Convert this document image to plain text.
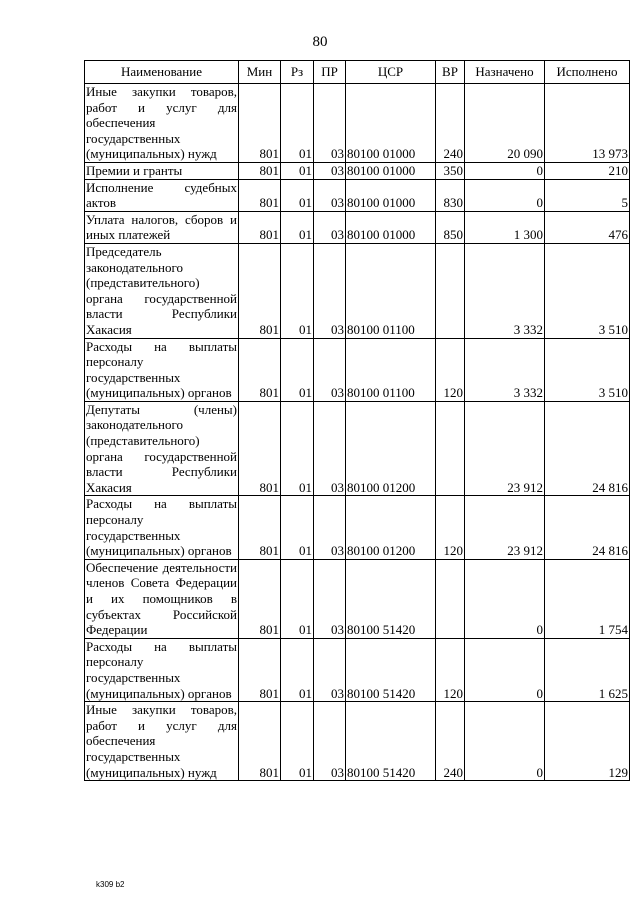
80
Наименование	Мин	Рз	ПР	ЦСР	ВР	Назначено	Исполнено
Иные закупки товаров, работ и услуг для обеспечения государственных (муниципальных) нужд	801	01	03	80100 01000	240	20 090	13 973
Премии и гранты	801	01	03	80100 01000	350	0	210
Исполнение судебных актов	801	01	03	80100 01000	830	0	5
Уплата налогов, сборов и иных платежей	801	01	03	80100 01000	850	1 300	476
Председатель законодательного (представительного) органа государственной власти Республики Хакасия	801	01	03	80100 01100		3 332	3 510
Расходы на выплаты персоналу государственных (муниципальных) органов	801	01	03	80100 01100	120	3 332	3 510
Депутаты (члены) законодательного (представительного) органа государственной власти Республики Хакасия	801	01	03	80100 01200		23 912	24 816
Расходы на выплаты персоналу государственных (муниципальных) органов	801	01	03	80100 01200	120	23 912	24 816
Обеспечение деятельности членов Совета Федерации и их помощников в субъектах Российской Федерации	801	01	03	80100 51420		0	1 754
Расходы на выплаты персоналу государственных (муниципальных) органов	801	01	03	80100 51420	120	0	1 625
Иные закупки товаров, работ и услуг для обеспечения государственных (муниципальных) нужд	801	01	03	80100 51420	240	0	129
k309 b2
